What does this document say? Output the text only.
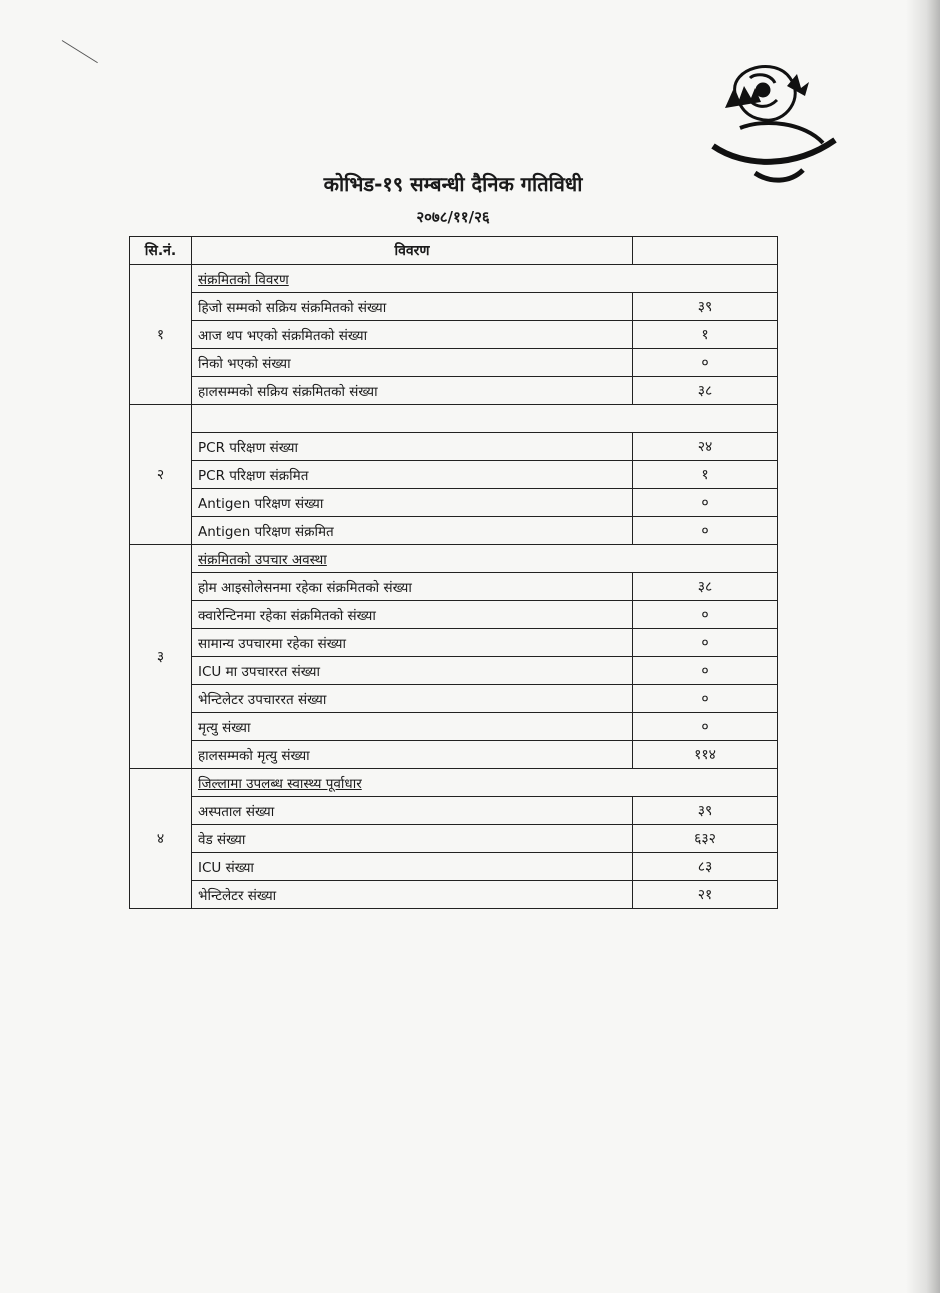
कोभिड-१९ सम्बन्धी दैनिक गतिविधी
२०७८/११/२६
सि.नं.	विवरण	
१	संक्रमितको विवरण	
	हिजो सम्मको सक्रिय संक्रमितको संख्या	३९
	आज थप भएको संक्रमितको संख्या	१
	निको भएको संख्या	०
	हालसम्मको सक्रिय संक्रमितको संख्या	३८
२		
	PCR परिक्षण संख्या	२४
	PCR परिक्षण संक्रमित	१
	Antigen परिक्षण संख्या	०
	Antigen परिक्षण संक्रमित	०
३	संक्रमितको उपचार अवस्था	
	होम आइसोलेसनमा रहेका संक्रमितको संख्या	३८
	क्वारेन्टिनमा रहेका संक्रमितको संख्या	०
	सामान्य उपचारमा रहेका संख्या	०
	ICU मा उपचाररत संख्या	०
	भेन्टिलेटर उपचाररत संख्या	०
	मृत्यु संख्या	०
	हालसम्मको मृत्यु संख्या	११४
४	जिल्लामा उपलब्ध स्वास्थ्य पूर्वाधार	
	अस्पताल संख्या	३९
	वेड संख्या	६३२
	ICU संख्या	८३
	भेन्टिलेटर संख्या	२१
